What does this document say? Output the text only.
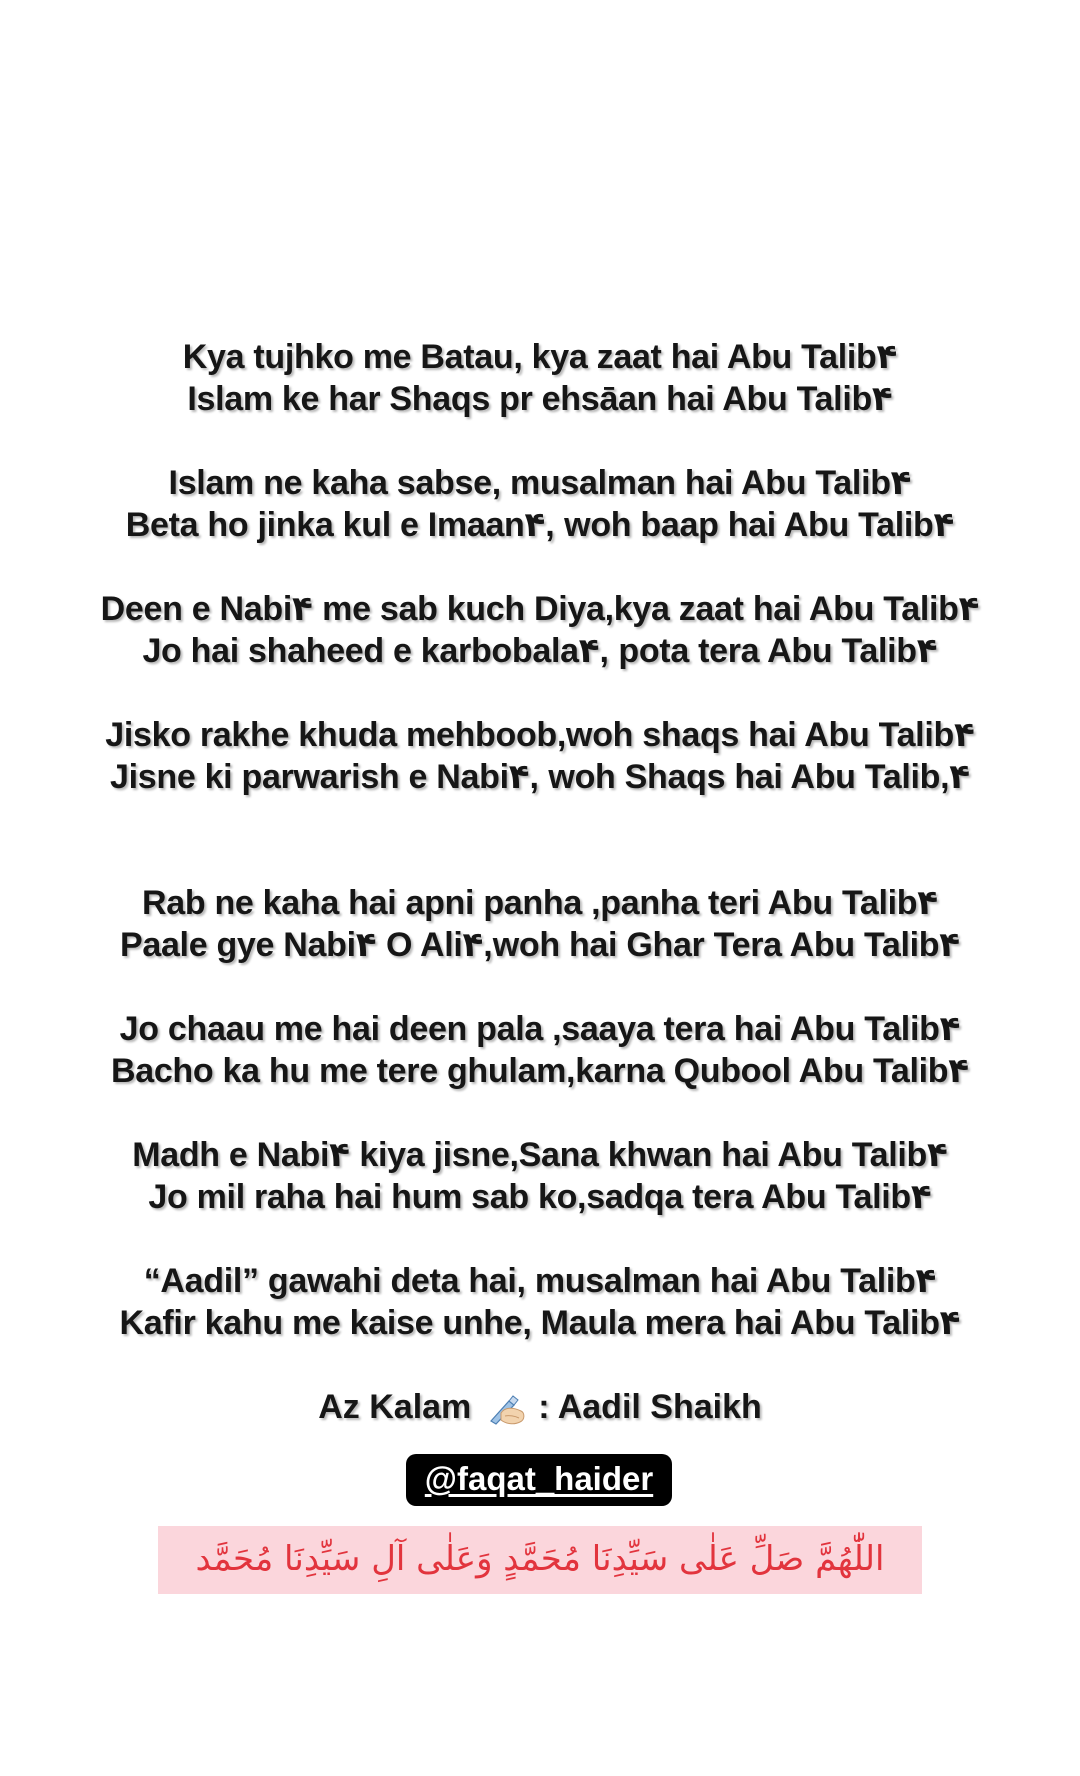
Kya tujhko me Batau, kya zaat hai Abu Talib۴
Islam ke har Shaqs pr ehsāan hai Abu Talib۴
Islam ne kaha sabse, musalman hai Abu Talib۴
Beta ho jinka kul e Imaan۴, woh baap hai Abu Talib۴
Deen e Nabi۴ me sab kuch Diya,kya zaat hai Abu Talib۴
Jo hai shaheed e karbobala۴, pota tera Abu Talib۴
Jisko rakhe khuda mehboob,woh shaqs hai Abu Talib۴
Jisne ki parwarish e Nabi۴, woh Shaqs hai Abu Talib,۴
Rab ne kaha hai apni panha ,panha teri Abu Talib۴
Paale gye Nabi۴ O Ali۴,woh hai Ghar Tera Abu Talib۴
Jo chaau me hai deen pala ,saaya tera hai Abu Talib۴
Bacho ka hu me tere ghulam,karna Qubool Abu Talib۴
Madh e Nabi۴ kiya jisne,Sana khwan hai Abu Talib۴
Jo mil raha hai hum sab ko,sadqa tera Abu Talib۴
“Aadil” gawahi deta hai, musalman hai Abu Talib۴
Kafir kahu me kaise unhe, Maula mera hai Abu Talib۴
Az Kalam : Aadil Shaikh
@faqat_haider
اللّٰهُمَّ صَلِّ عَلٰى سَيِّدِنَا مُحَمَّدٍ وَعَلٰى آلِ سَيِّدِنَا مُحَمَّد
